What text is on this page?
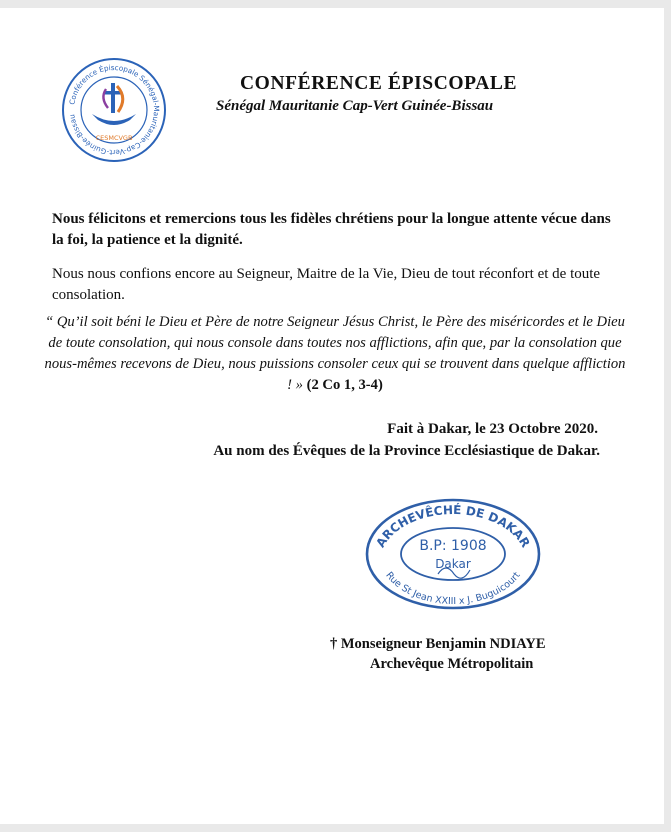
Conférence Épiscopale Sénégal-Mauritanie-Cap-Vert-Guinée-Bissau
CESMCVGB
CONFÉRENCE ÉPISCOPALE
Sénégal Mauritanie Cap-Vert Guinée-Bissau
Nous félicitons et remercions tous les fidèles chrétiens pour la longue attente vécue dans la foi, la patience et la dignité.
Nous nous confions encore au Seigneur, Maitre de la Vie, Dieu de tout réconfort et de toute consolation.
“ Qu’il soit béni le Dieu et Père de notre Seigneur Jésus Christ, le Père des miséricordes et le Dieu de toute consolation, qui nous console dans toutes nos afflictions, afin que, par la consolation que nous-mêmes recevons de Dieu, nous puissions consoler ceux qui se trouvent dans quelque affliction ! » (2 Co 1, 3-4)
Fait à Dakar, le 23 Octobre 2020.
Au nom des Évêques de la Province Ecclésiastique de Dakar.
ARCHEVÊCHÉ DE DAKAR
B.P: 1908
Dakar
Rue St Jean XXIII x J. Buguicourt
† Monseigneur Benjamin NDIAYE
Archevêque Métropolitain
